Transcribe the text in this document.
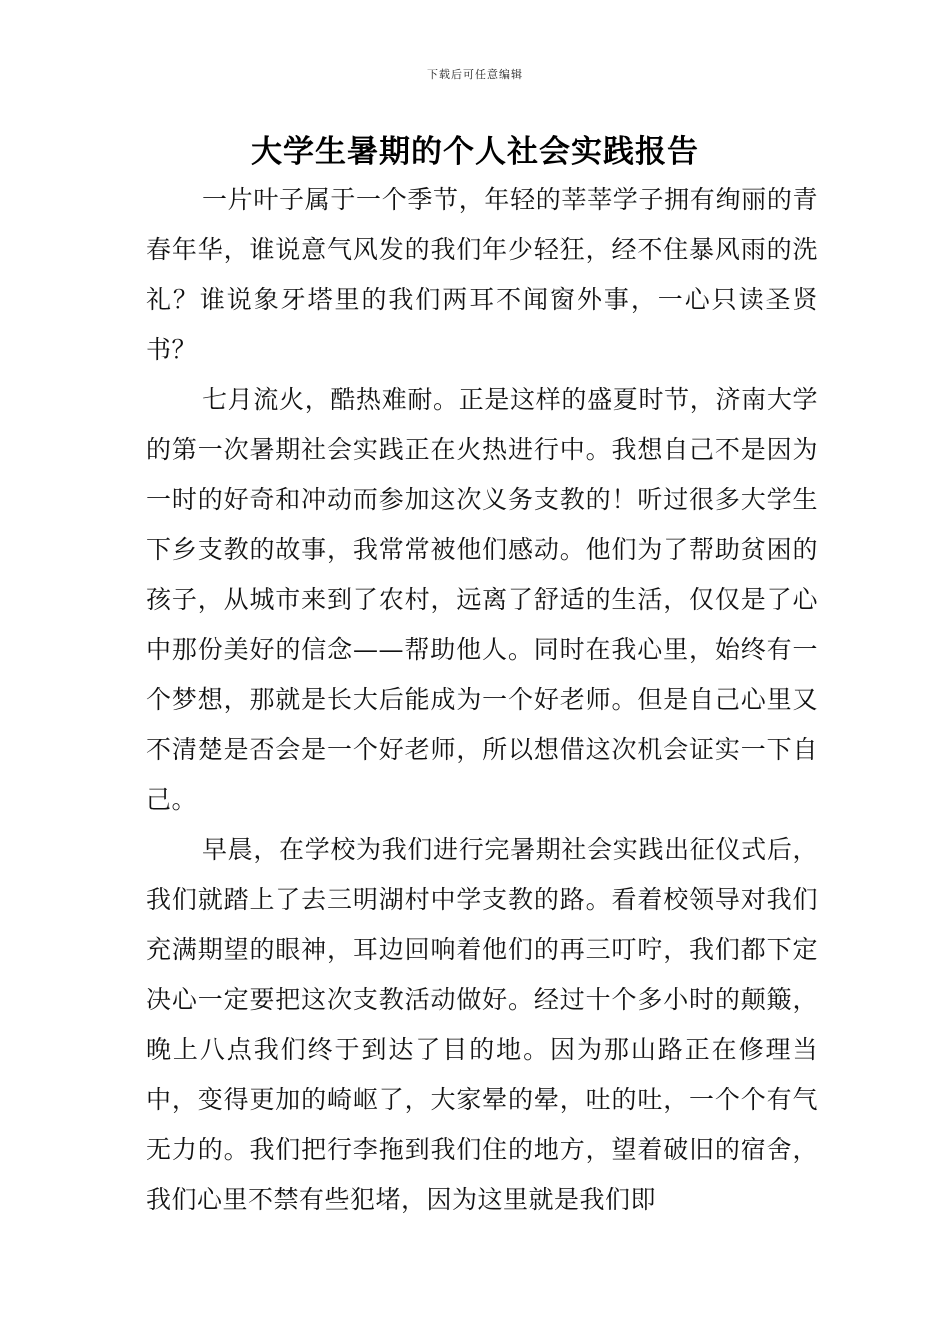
下载后可任意编辑
大学生暑期的个人社会实践报告

一片叶子属于一个季节，年轻的莘莘学子拥有绚丽的青春年华，谁说意气风发的我们年少轻狂，经不住暴风雨的洗礼？谁说象牙塔里的我们两耳不闻窗外事，一心只读圣贤书？

七月流火，酷热难耐。正是这样的盛夏时节，济南大学的第一次暑期社会实践正在火热进行中。我想自己不是因为一时的好奇和冲动而参加这次义务支教的！听过很多大学生下乡支教的故事，我常常被他们感动。他们为了帮助贫困的孩子，从城市来到了农村，远离了舒适的生活，仅仅是了心中那份美好的信念——帮助他人。同时在我心里，始终有一个梦想，那就是长大后能成为一个好老师。但是自己心里又不清楚是否会是一个好老师，所以想借这次机会证实一下自己。

早晨，在学校为我们进行完暑期社会实践出征仪式后，我们就踏上了去三明湖村中学支教的路。看着校领导对我们充满期望的眼神，耳边回响着他们的再三叮咛，我们都下定决心一定要把这次支教活动做好。经过十个多小时的颠簸，晚上八点我们终于到达了目的地。因为那山路正在修理当中，变得更加的崎岖了，大家晕的晕，吐的吐，一个个有气无力的。我们把行李拖到我们住的地方，望着破旧的宿舍，我们心里不禁有些犯堵，因为这里就是我们即
